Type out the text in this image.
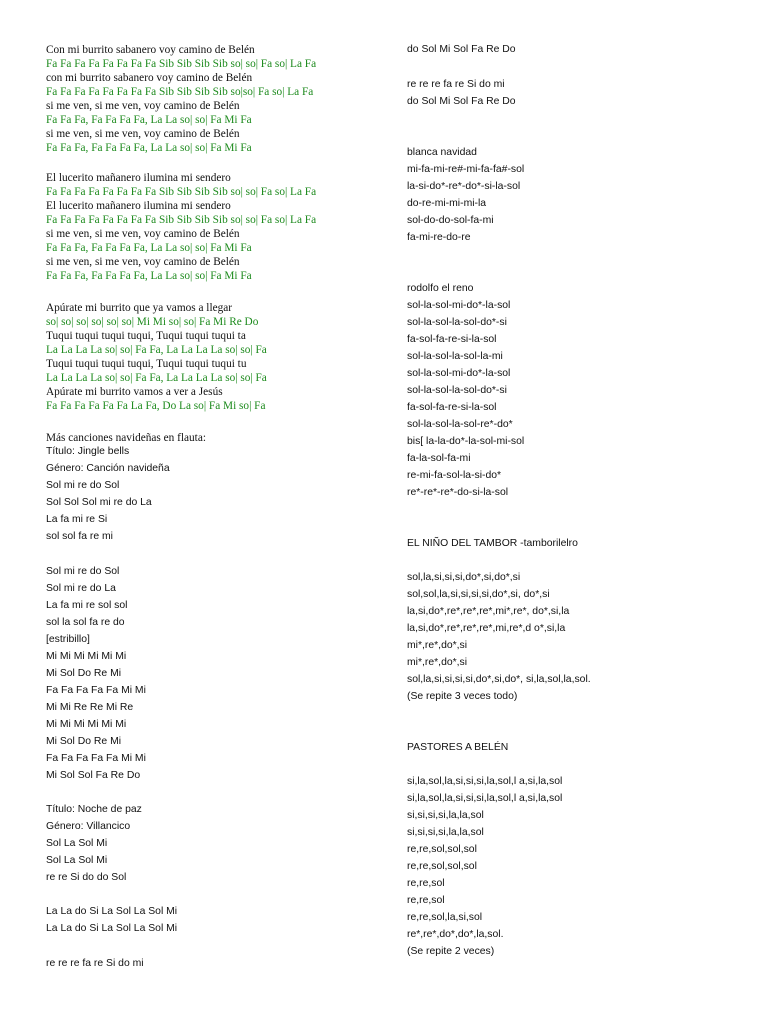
Con mi burrito sabanero voy camino de Belén
Fa Fa Fa Fa Fa Fa Fa Fa Sib Sib Sib Sib so| so| Fa so| La Fa
con mi burrito sabanero voy camino de Belén
Fa Fa Fa Fa Fa Fa Fa Fa Sib Sib Sib Sib so|so| Fa so| La Fa
si me ven, si me ven, voy camino de Belén
Fa Fa Fa, Fa Fa Fa Fa, La La so| so| Fa Mi Fa
si me ven, si me ven, voy camino de Belén
Fa Fa Fa, Fa Fa Fa Fa, La La so| so| Fa Mi Fa
El lucerito mañanero ilumina mi sendero
Fa Fa Fa Fa Fa Fa Fa Fa Sib Sib Sib Sib so| so| Fa so| La Fa
El lucerito mañanero ilumina mi sendero
Fa Fa Fa Fa Fa Fa Fa Fa Sib Sib Sib Sib so| so| Fa so| La Fa
si me ven, si me ven, voy camino de Belén
Fa Fa Fa, Fa Fa Fa Fa, La La so| so| Fa Mi Fa
si me ven, si me ven, voy camino de Belén
Fa Fa Fa, Fa Fa Fa Fa, La La so| so| Fa Mi Fa
Apúrate mi burrito que ya vamos a llegar
so| so| so| so| so| so| Mi Mi so| so| Fa Mi Re Do
Tuqui tuqui tuqui tuqui, Tuqui tuqui tuqui ta
La La La La so| so| Fa Fa, La La La La so| so| Fa
Tuqui tuqui tuqui tuqui, Tuqui tuqui tuqui tu
La La La La so| so| Fa Fa, La La La La so| so| Fa
Apúrate mi burrito vamos a ver a Jesús
Fa Fa Fa Fa Fa Fa La Fa, Do La so| Fa Mi so| Fa
Más canciones navideñas en flauta:
Título: Jingle bells
Género: Canción navideña
Sol mi re do Sol
Sol Sol Sol mi re do La
La fa mi re Si
sol sol fa re mi
Sol mi re do Sol
Sol mi re do La
La fa mi re sol sol
sol la sol fa re do
[estribillo]
Mi Mi Mi Mi Mi Mi
Mi Sol Do Re Mi
Fa Fa Fa Fa Fa Mi Mi
Mi Mi Re Re Mi Re
Mi Mi Mi Mi Mi Mi
Mi Sol Do Re Mi
Fa Fa Fa Fa Fa Mi Mi
Mi Sol Sol Fa Re Do
Título: Noche de paz
Género: Villancico
Sol La Sol Mi
Sol La Sol Mi
re re Si do do Sol
La La do Si La Sol La Sol Mi
La La do Si La Sol La Sol Mi
re re re fa re Si do mi
do Sol Mi Sol Fa Re Do
re re re fa re Si do mi
do Sol Mi Sol Fa Re Do
blanca navidad
mi-fa-mi-re#-mi-fa-fa#-sol
la-si-do*-re*-do*-si-la-sol
do-re-mi-mi-mi-la
sol-do-do-sol-fa-mi
fa-mi-re-do-re
rodolfo el reno
sol-la-sol-mi-do*-la-sol
sol-la-sol-la-sol-do*-si
fa-sol-fa-re-si-la-sol
sol-la-sol-la-sol-la-mi
sol-la-sol-mi-do*-la-sol
sol-la-sol-la-sol-do*-si
fa-sol-fa-re-si-la-sol
sol-la-sol-la-sol-re*-do*
bis[ la-la-do*-la-sol-mi-sol
fa-la-sol-fa-mi
re-mi-fa-sol-la-si-do*
re*-re*-re*-do-si-la-sol
EL NIÑO DEL TAMBOR -tamborilelro
sol,la,si,si,si,do*,si,do*,si
sol,sol,la,si,si,si,si,do*,si, do*,si
la,si,do*,re*,re*,re*,mi*,re*, do*,si,la
la,si,do*,re*,re*,re*,mi,re*,d o*,si,la
mi*,re*,do*,si
mi*,re*,do*,si
sol,la,si,si,si,si,do*,si,do*, si,la,sol,la,sol.
(Se repite 3 veces todo)
PASTORES A BELÉN
si,la,sol,la,si,si,si,la,sol,l a,si,la,sol
si,la,sol,la,si,si,si,la,sol,l a,si,la,sol
si,si,si,si,la,la,sol
si,si,si,si,la,la,sol
re,re,sol,sol,sol
re,re,sol,sol,sol
re,re,sol
re,re,sol
re,re,sol,la,si,sol
re*,re*,do*,do*,la,sol.
(Se repite 2 veces)
